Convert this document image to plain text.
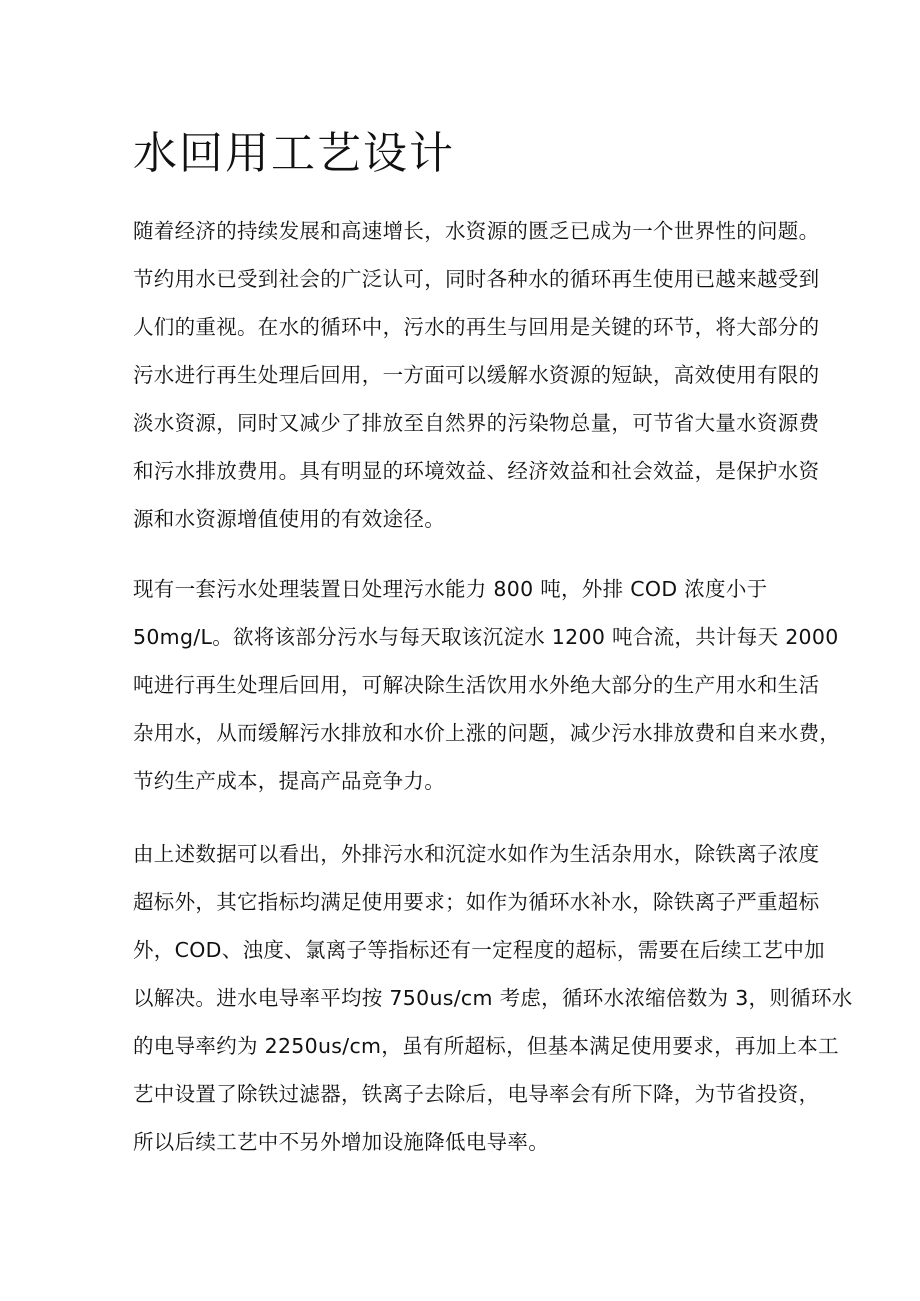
水回用工艺设计
随着经济的持续发展和高速增长，水资源的匮乏已成为一个世界性的问题。
节约用水已受到社会的广泛认可，同时各种水的循环再生使用已越来越受到
人们的重视。在水的循环中，污水的再生与回用是关键的环节，将大部分的
污水进行再生处理后回用，一方面可以缓解水资源的短缺，高效使用有限的
淡水资源，同时又减少了排放至自然界的污染物总量，可节省大量水资源费
和污水排放费用。具有明显的环境效益、经济效益和社会效益，是保护水资
源和水资源增值使用的有效途径。
现有一套污水处理装置日处理污水能力 800 吨，外排 COD 浓度小于
50mg/L。欲将该部分污水与每天取该沉淀水 1200 吨合流，共计每天 2000
吨进行再生处理后回用，可解决除生活饮用水外绝大部分的生产用水和生活
杂用水，从而缓解污水排放和水价上涨的问题，减少污水排放费和自来水费，
节约生产成本，提高产品竞争力。
由上述数据可以看出，外排污水和沉淀水如作为生活杂用水，除铁离子浓度
超标外，其它指标均满足使用要求；如作为循环水补水，除铁离子严重超标
外，COD、浊度、氯离子等指标还有一定程度的超标，需要在后续工艺中加
以解决。进水电导率平均按 750us/cm 考虑，循环水浓缩倍数为 3，则循环水
的电导率约为 2250us/cm，虽有所超标，但基本满足使用要求，再加上本工
艺中设置了除铁过滤器，铁离子去除后，电导率会有所下降，为节省投资，
所以后续工艺中不另外增加设施降低电导率。
